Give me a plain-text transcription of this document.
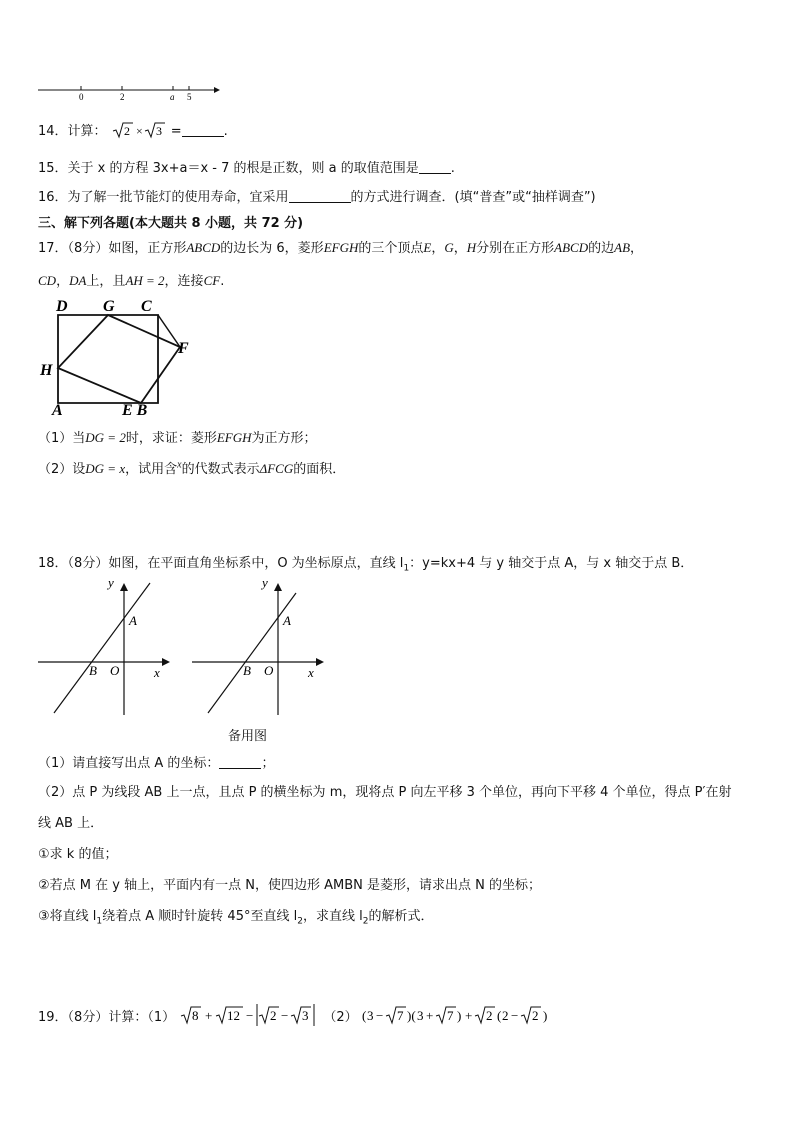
0	2	a 5
14．计算： 2 × 3 =	.
15．关于 x 的方程 3x+a＝x - 7 的根是正数，则 a 的取值范围是 .
16．为了解一批节能灯的使用寿命，宜采用	的方式进行调查．(填“普查”或“抽样调查”)
三、解下列各题(本大题共 8 小题，共 72 分)
17．（8分）如图，正方形ABCD的边长为 6，菱形EFGH的三个顶点E，G，H分别在正方形ABCD的边AB，
CD，DA上，且AH = 2，连接CF.
D G C
F
H
A	E B
（1）当DG = 2时，求证：菱形EFGH为正方形；
（2）设DG = x，试用含$^x$的代数式表示ΔFCG的面积．
18．（8分）如图，在平面直角坐标系中，O 为坐标原点，直线 $l_1$：y=kx+4 与 y 轴交于点 A，与 x 轴交于点 B．
y
A
B O	x
y
A
B O	x
备用图
（1）请直接写出点 A 的坐标：	；
（2）点 P 为线段 AB 上一点，且点 P 的横坐标为 m，现将点 P 向左平移 3 个单位，再向下平移 4 个单位，得点 P′在射
线 AB 上．
①求 k 的值；
②若点 M 在 y 轴上，平面内有一点 N，使四边形 AMBN 是菱形，请求出点 N 的坐标；
③将直线 $l_1$绕着点 A 顺时针旋转 45°至直线 $l_2$，求直线 $l_2$的解析式．
19．（8分）计算：（1） 8 + 12 − 2 − 3 （2） ( 3 − 7 )( 3 + 7 ) + 2 ( 2 − 2 )
